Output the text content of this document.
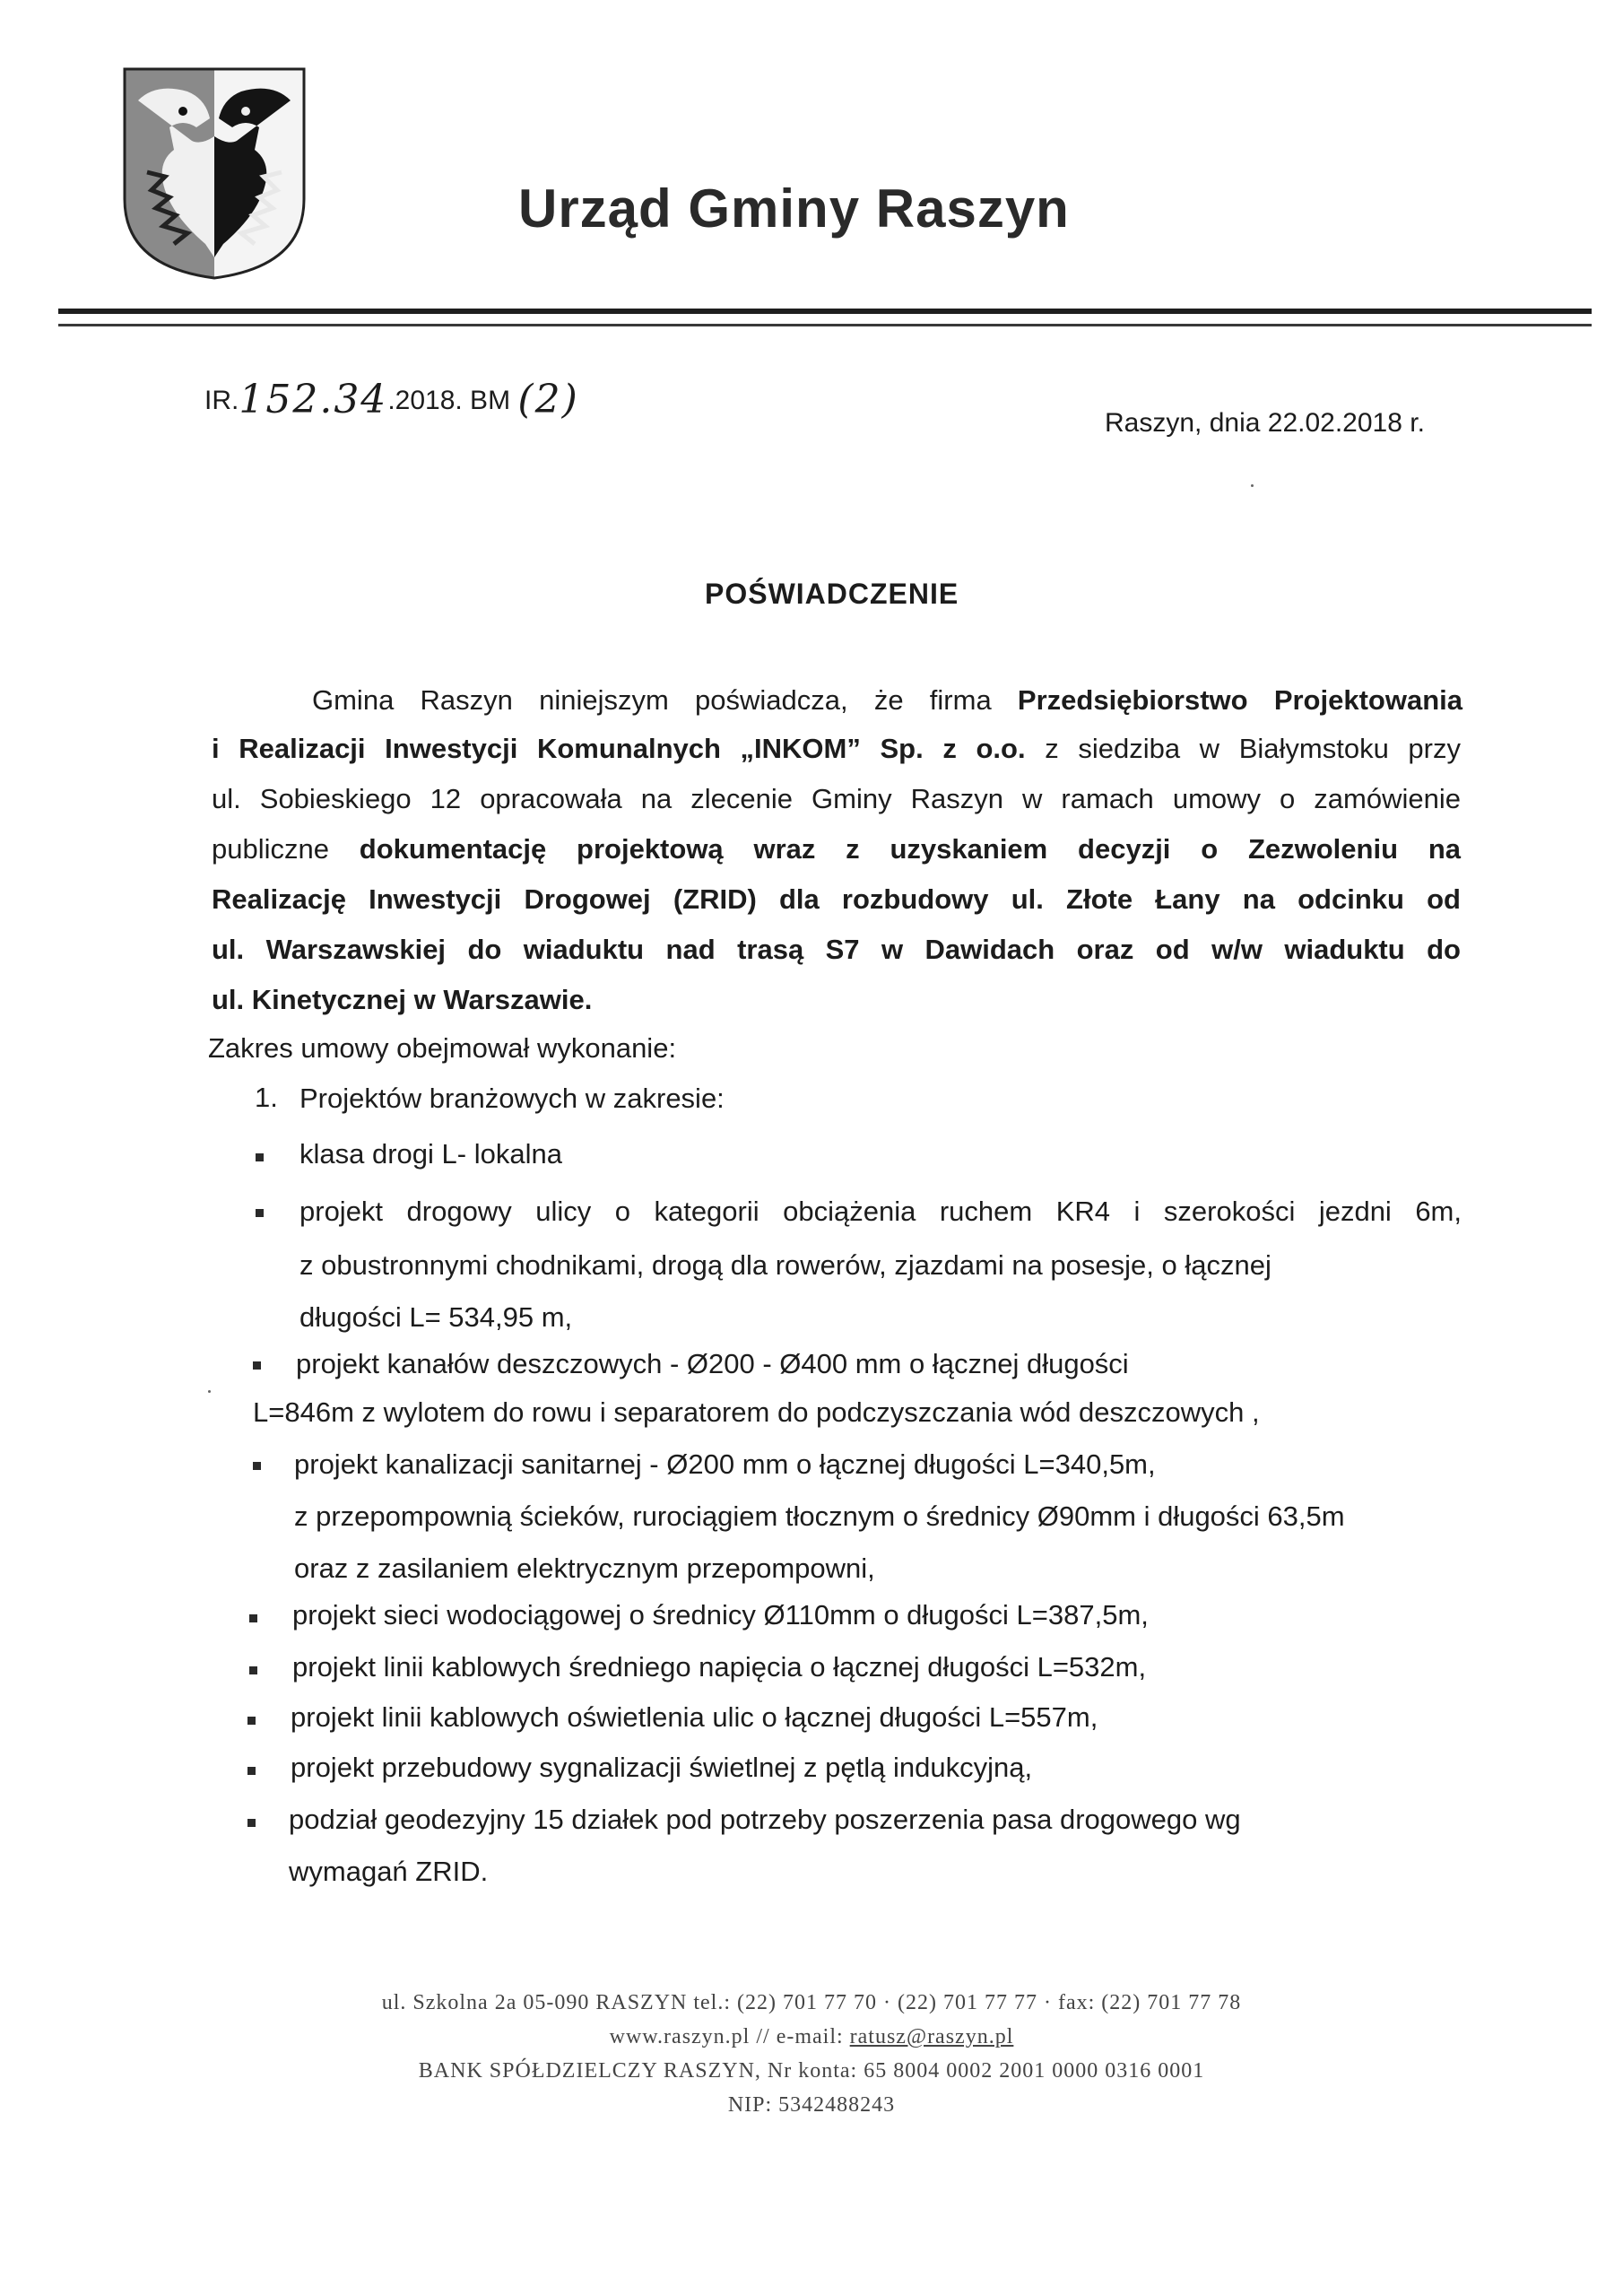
Urząd Gminy Raszyn
IR.152.34.2018. BM (2)
Raszyn, dnia 22.02.2018 r.
POŚWIADCZENIE
Gmina Raszyn niniejszym poświadcza, że firma Przedsiębiorstwo Projektowania
i Realizacji Inwestycji Komunalnych „INKOM” Sp. z o.o. z siedziba w Białymstoku przy
ul. Sobieskiego 12 opracowała na zlecenie Gminy Raszyn w ramach umowy o zamówienie
publiczne dokumentację projektową wraz z uzyskaniem decyzji o Zezwoleniu na
Realizację Inwestycji Drogowej (ZRID) dla rozbudowy ul. Złote Łany na odcinku od
ul. Warszawskiej do wiaduktu nad trasą S7 w Dawidach oraz od w/w wiaduktu do
ul. Kinetycznej w Warszawie.
Zakres umowy obejmował wykonanie:
1. Projektów branżowych w zakresie:
klasa drogi L- lokalna
projekt drogowy ulicy o kategorii obciążenia ruchem KR4 i szerokości jezdni 6m,
z obustronnymi chodnikami, drogą dla rowerów, zjazdami na posesje, o łącznej
długości L= 534,95 m,
projekt kanałów deszczowych - Ø200 - Ø400 mm o łącznej długości
L=846m z wylotem do rowu i separatorem do podczyszczania wód deszczowych ,
projekt kanalizacji sanitarnej - Ø200 mm o łącznej długości L=340,5m,
z przepompownią ścieków, rurociągiem tłocznym o średnicy Ø90mm i długości 63,5m
oraz z zasilaniem elektrycznym przepompowni,
projekt sieci wodociągowej o średnicy Ø110mm o długości L=387,5m,
projekt linii kablowych średniego napięcia o łącznej długości L=532m,
projekt linii kablowych oświetlenia ulic o łącznej długości L=557m,
projekt przebudowy sygnalizacji świetlnej z pętlą indukcyjną,
podział geodezyjny 15 działek pod potrzeby poszerzenia pasa drogowego wg
wymagań ZRID.
ul. Szkolna 2a 05-090 RASZYN tel.: (22) 701 77 70 · (22) 701 77 77 · fax: (22) 701 77 78
www.raszyn.pl // e-mail: ratusz@raszyn.pl
BANK SPÓŁDZIELCZY RASZYN, Nr konta: 65 8004 0002 2001 0000 0316 0001
NIP: 5342488243
